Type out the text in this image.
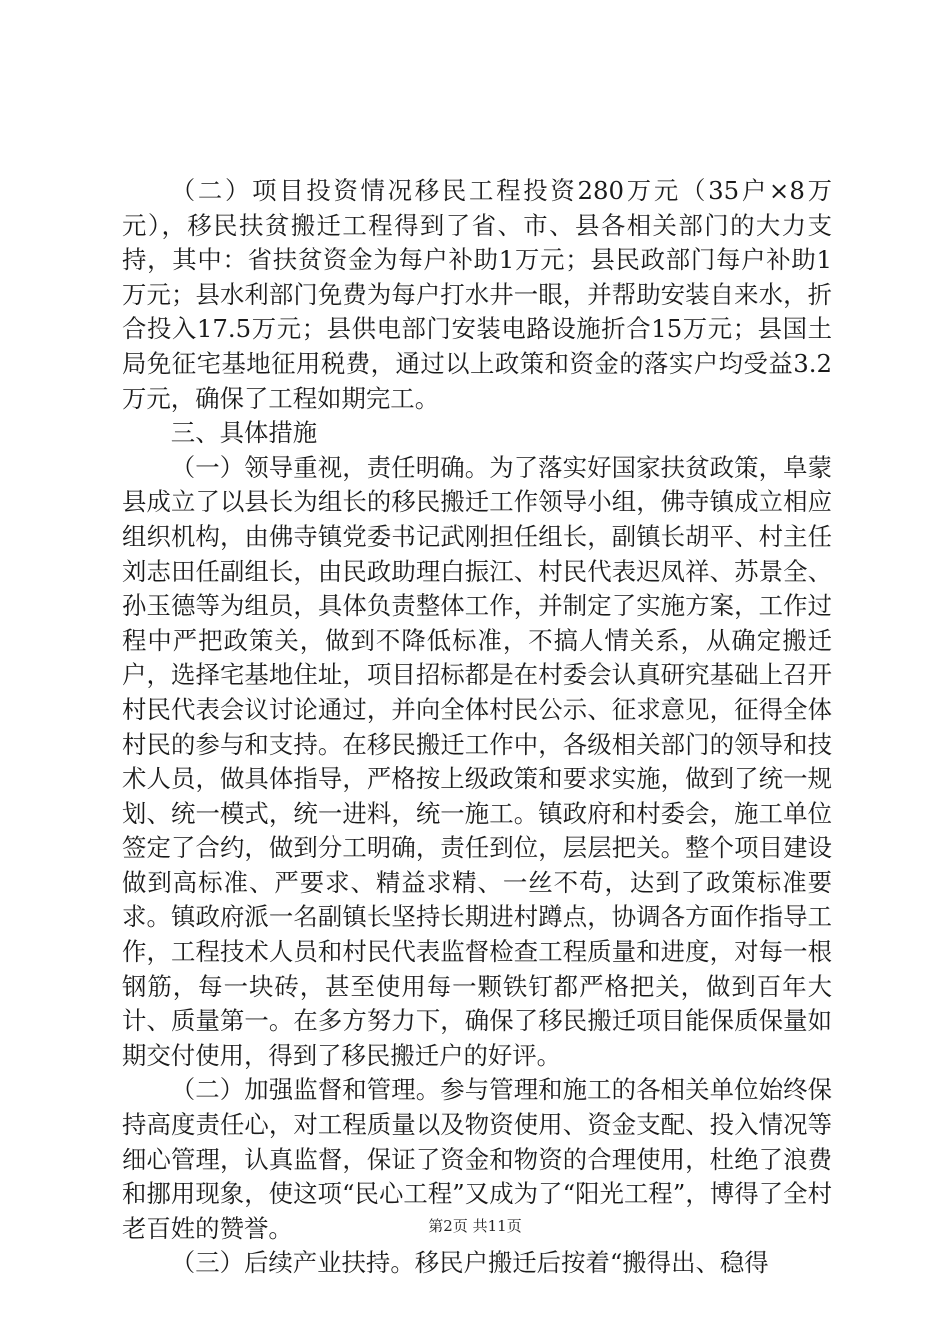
（二）项目投资情况移民工程投资280万元（35户×8万元），移民扶贫搬迁工程得到了省、市、县各相关部门的大力支持，其中：省扶贫资金为每户补助1万元；县民政部门每户补助1万元；县水利部门免费为每户打水井一眼，并帮助安装自来水，折合投入17.5万元；县供电部门安装电路设施折合15万元；县国土局免征宅基地征用税费，通过以上政策和资金的落实户均受益3.2万元，确保了工程如期完工。

三、具体措施

（一）领导重视，责任明确。为了落实好国家扶贫政策，阜蒙县成立了以县长为组长的移民搬迁工作领导小组，佛寺镇成立相应组织机构，由佛寺镇党委书记武刚担任组长，副镇长胡平、村主任刘志田任副组长，由民政助理白振江、村民代表迟凤祥、苏景全、孙玉德等为组员，具体负责整体工作，并制定了实施方案，工作过程中严把政策关，做到不降低标准，不搞人情关系，从确定搬迁户，选择宅基地住址，项目招标都是在村委会认真研究基础上召开村民代表会议讨论通过，并向全体村民公示、征求意见，征得全体村民的参与和支持。在移民搬迁工作中，各级相关部门的领导和技术人员，做具体指导，严格按上级政策和要求实施，做到了统一规划、统一模式，统一进料，统一施工。镇政府和村委会，施工单位签定了合约，做到分工明确，责任到位，层层把关。整个项目建设做到高标准、严要求、精益求精、一丝不苟，达到了政策标准要求。镇政府派一名副镇长坚持长期进村蹲点，协调各方面作指导工作，工程技术人员和村民代表监督检查工程质量和进度，对每一根钢筋，每一块砖，甚至使用每一颗铁钉都严格把关，做到百年大计、质量第一。在多方努力下，确保了移民搬迁项目能保质保量如期交付使用，得到了移民搬迁户的好评。

（二）加强监督和管理。参与管理和施工的各相关单位始终保持高度责任心，对工程质量以及物资使用、资金支配、投入情况等细心管理，认真监督，保证了资金和物资的合理使用，杜绝了浪费和挪用现象，使这项“民心工程”又成为了“阳光工程”，博得了全村老百姓的赞誉。

（三）后续产业扶持。移民户搬迁后按着“搬得出、稳得

第2页 共11页
